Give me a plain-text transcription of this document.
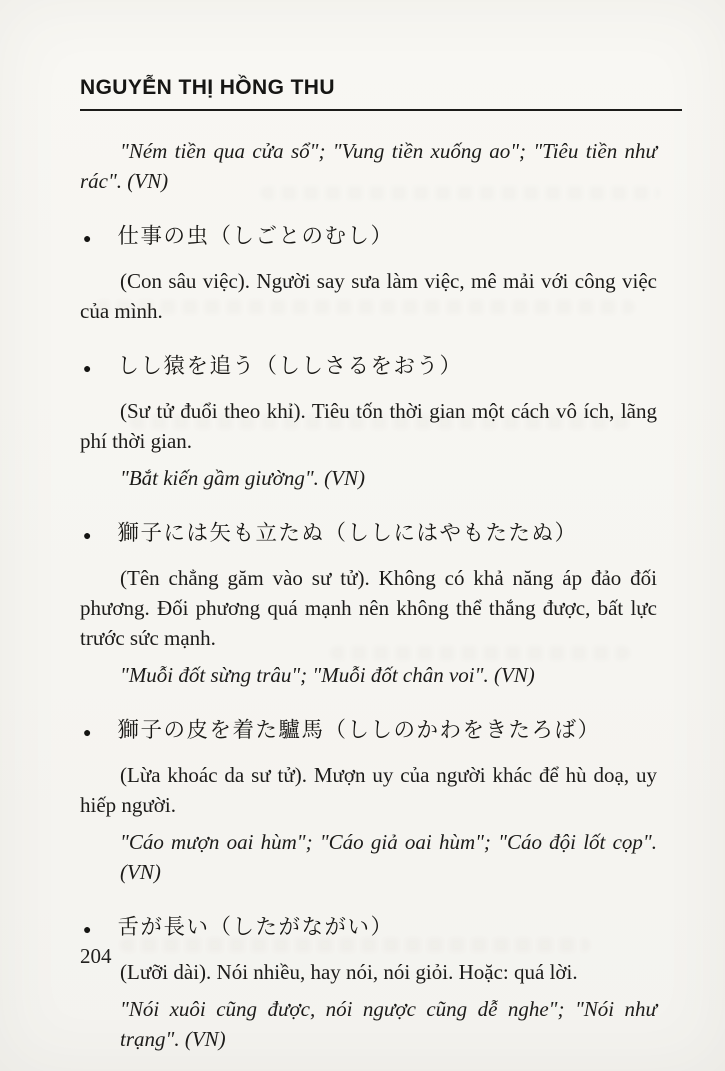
NGUYỄN THỊ HỒNG THU

"Ném tiền qua cửa sổ"; "Vung tiền xuống ao"; "Tiêu tiền như rác". (VN)

● 仕事の虫（しごとのむし）

(Con sâu việc). Người say sưa làm việc, mê mải với công việc của mình.

● しし猿を追う（ししさるをおう）

(Sư tử đuổi theo khỉ). Tiêu tốn thời gian một cách vô ích, lãng phí thời gian.

"Bắt kiến gầm giường". (VN)

● 獅子には矢も立たぬ（ししにはやもたたぬ）

(Tên chẳng găm vào sư tử). Không có khả năng áp đảo đối phương. Đối phương quá mạnh nên không thể thắng được, bất lực trước sức mạnh.

"Muỗi đốt sừng trâu"; "Muỗi đốt chân voi". (VN)

● 獅子の皮を着た驢馬（ししのかわをきたろば）

(Lừa khoác da sư tử). Mượn uy của người khác để hù doạ, uy hiếp người.

"Cáo mượn oai hùm"; "Cáo giả oai hùm"; "Cáo đội lốt cọp". (VN)

● 舌が長い（したがながい）

(Lưỡi dài). Nói nhiều, hay nói, nói giỏi. Hoặc: quá lời.

"Nói xuôi cũng được, nói ngược cũng dễ nghe"; "Nói như trạng". (VN)

204
